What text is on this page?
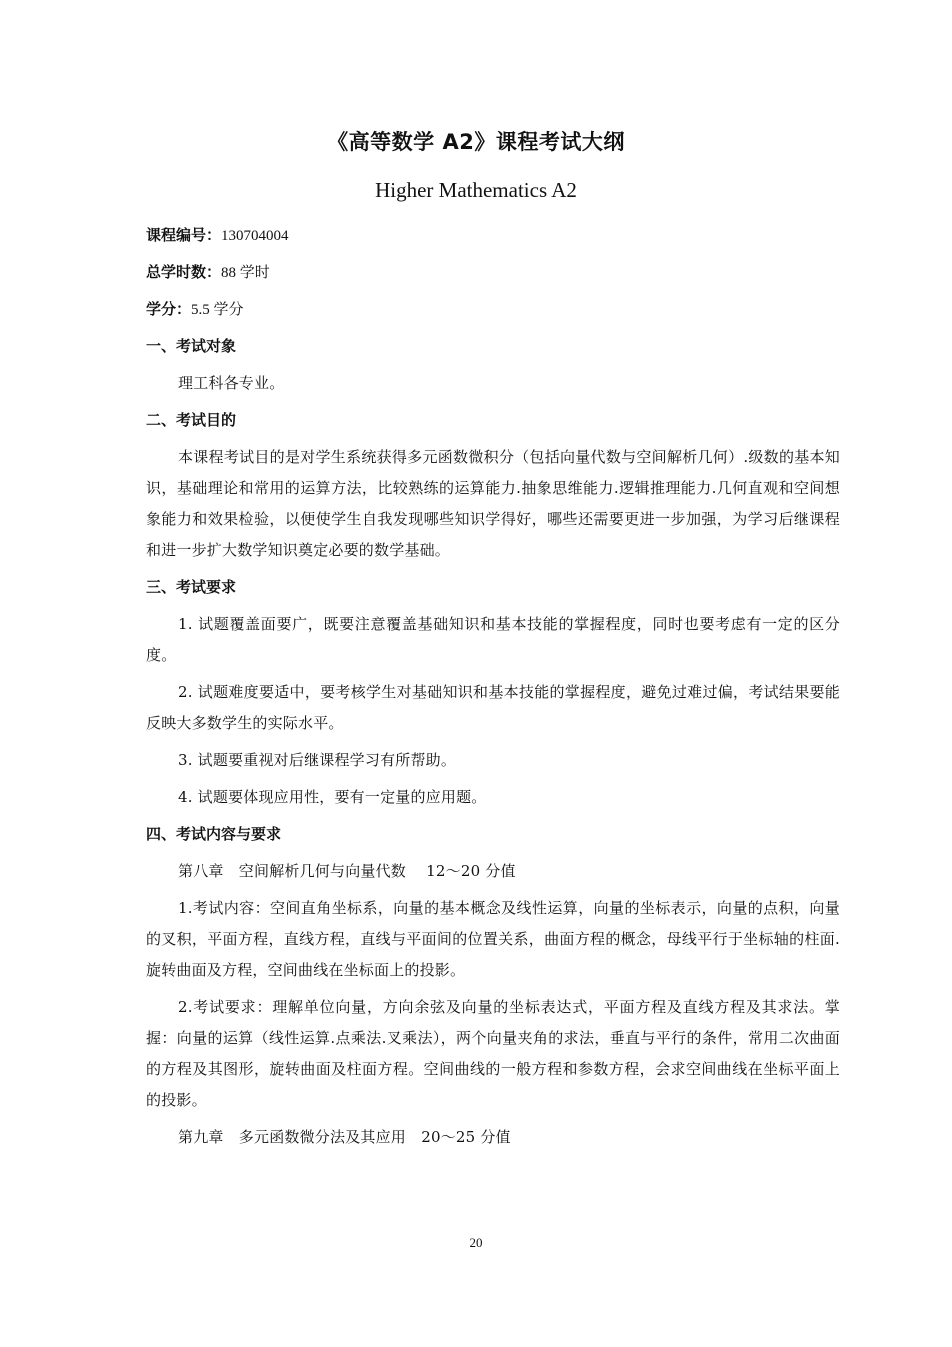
《高等数学 A2》课程考试大纲
Higher Mathematics A2
课程编号：130704004
总学时数：88 学时
学分：5.5 学分
一、考试对象

理工科各专业。

二、考试目的

本课程考试目的是对学生系统获得多元函数微积分（包括向量代数与空间解析几何）.级数的基本知识，基础理论和常用的运算方法，比较熟练的运算能力.抽象思维能力.逻辑推理能力.几何直观和空间想象能力和效果检验，以便使学生自我发现哪些知识学得好，哪些还需要更进一步加强，为学习后继课程和进一步扩大数学知识奠定必要的数学基础。

三、考试要求

1. 试题覆盖面要广，既要注意覆盖基础知识和基本技能的掌握程度，同时也要考虑有一定的区分度。

2. 试题难度要适中，要考核学生对基础知识和基本技能的掌握程度，避免过难过偏，考试结果要能反映大多数学生的实际水平。

3. 试题要重视对后继课程学习有所帮助。

4. 试题要体现应用性，要有一定量的应用题。

四、考试内容与要求

第八章　空间解析几何与向量代数　 12～20 分值

1.考试内容：空间直角坐标系，向量的基本概念及线性运算，向量的坐标表示，向量的点积，向量的叉积，平面方程，直线方程，直线与平面间的位置关系，曲面方程的概念，母线平行于坐标轴的柱面.旋转曲面及方程，空间曲线在坐标面上的投影。

2.考试要求：理解单位向量，方向余弦及向量的坐标表达式，平面方程及直线方程及其求法。掌握：向量的运算（线性运算.点乘法.叉乘法），两个向量夹角的求法，垂直与平行的条件，常用二次曲面的方程及其图形，旋转曲面及柱面方程。空间曲线的一般方程和参数方程，会求空间曲线在坐标平面上的投影。

第九章　多元函数微分法及其应用　20～25 分值

20
